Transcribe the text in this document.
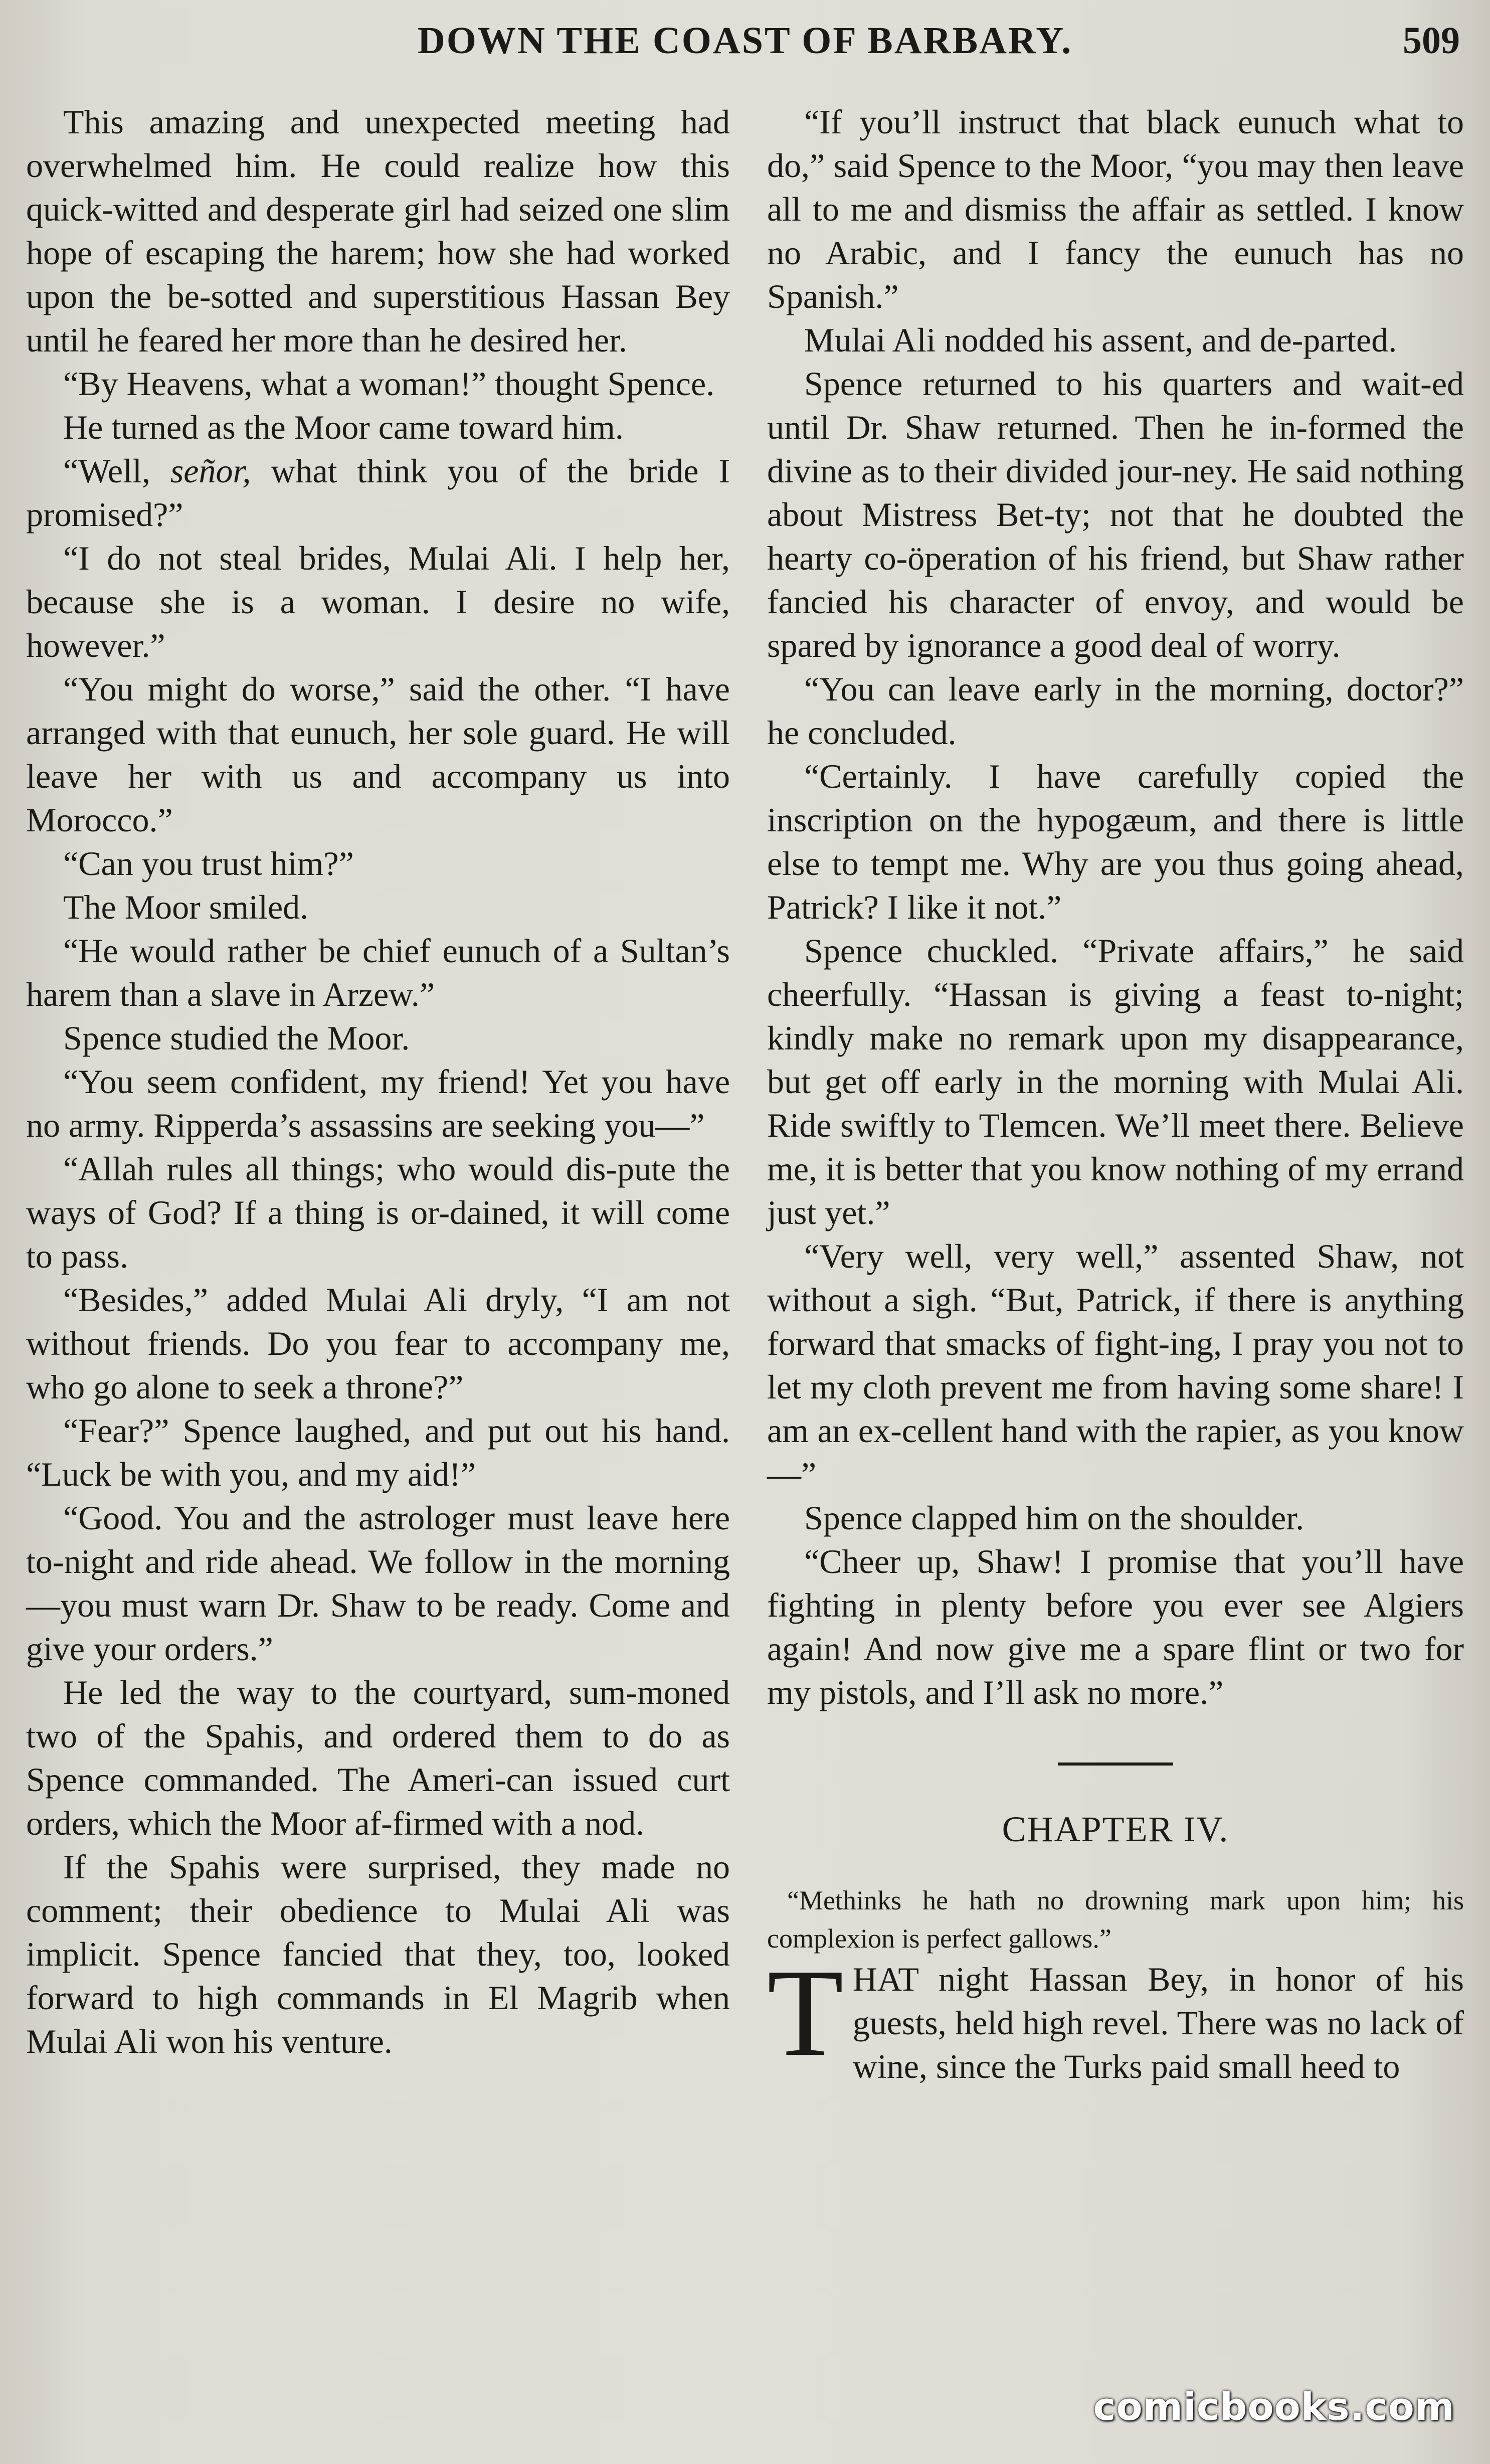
DOWN THE COAST OF BARBARY.	509

This amazing and unexpected meeting had overwhelmed him. He could realize how this quick-witted and desperate girl had seized one slim hope of escaping the harem; how she had worked upon the be-sotted and superstitious Hassan Bey until he feared her more than he desired her.

“By Heavens, what a woman!” thought Spence.

He turned as the Moor came toward him.

“Well, señor, what think you of the bride I promised?”

“I do not steal brides, Mulai Ali. I help her, because she is a woman. I desire no wife, however.”

“You might do worse,” said the other. “I have arranged with that eunuch, her sole guard. He will leave her with us and accompany us into Morocco.”

“Can you trust him?”

The Moor smiled.

“He would rather be chief eunuch of a Sultan’s harem than a slave in Arzew.”

Spence studied the Moor.

“You seem confident, my friend! Yet you have no army. Ripperda’s assassins are seeking you—”

“Allah rules all things; who would dis-pute the ways of God? If a thing is or-dained, it will come to pass.

“Besides,” added Mulai Ali dryly, “I am not without friends. Do you fear to accompany me, who go alone to seek a throne?”

“Fear?” Spence laughed, and put out his hand. “Luck be with you, and my aid!”

“Good. You and the astrologer must leave here to-night and ride ahead. We follow in the morning—you must warn Dr. Shaw to be ready. Come and give your orders.”

He led the way to the courtyard, sum-moned two of the Spahis, and ordered them to do as Spence commanded. The Ameri-can issued curt orders, which the Moor af-firmed with a nod.

If the Spahis were surprised, they made no comment; their obedience to Mulai Ali was implicit. Spence fancied that they, too, looked forward to high commands in El Magrib when Mulai Ali won his venture.

“If you’ll instruct that black eunuch what to do,” said Spence to the Moor, “you may then leave all to me and dismiss the affair as settled. I know no Arabic, and I fancy the eunuch has no Spanish.”

Mulai Ali nodded his assent, and de-parted.

Spence returned to his quarters and wait-ed until Dr. Shaw returned. Then he in-formed the divine as to their divided jour-ney. He said nothing about Mistress Bet-ty; not that he doubted the hearty co-öperation of his friend, but Shaw rather fancied his character of envoy, and would be spared by ignorance a good deal of worry.

“You can leave early in the morning, doctor?” he concluded.

“Certainly. I have carefully copied the inscription on the hypogæum, and there is little else to tempt me. Why are you thus going ahead, Patrick? I like it not.”

Spence chuckled. “Private affairs,” he said cheerfully. “Hassan is giving a feast to-night; kindly make no remark upon my disappearance, but get off early in the morning with Mulai Ali. Ride swiftly to Tlemcen. We’ll meet there. Believe me, it is better that you know nothing of my errand just yet.”

“Very well, very well,” assented Shaw, not without a sigh. “But, Patrick, if there is anything forward that smacks of fight-ing, I pray you not to let my cloth prevent me from having some share! I am an ex-cellent hand with the rapier, as you know—”

Spence clapped him on the shoulder.

“Cheer up, Shaw! I promise that you’ll have fighting in plenty before you ever see Algiers again! And now give me a spare flint or two for my pistols, and I’ll ask no more.”

CHAPTER IV.

“Methinks he hath no drowning mark upon him; his complexion is perfect gallows.”

THAT night Hassan Bey, in honor of his guests, held high revel. There was no lack of wine, since the Turks paid small heed to

comicbooks.com
